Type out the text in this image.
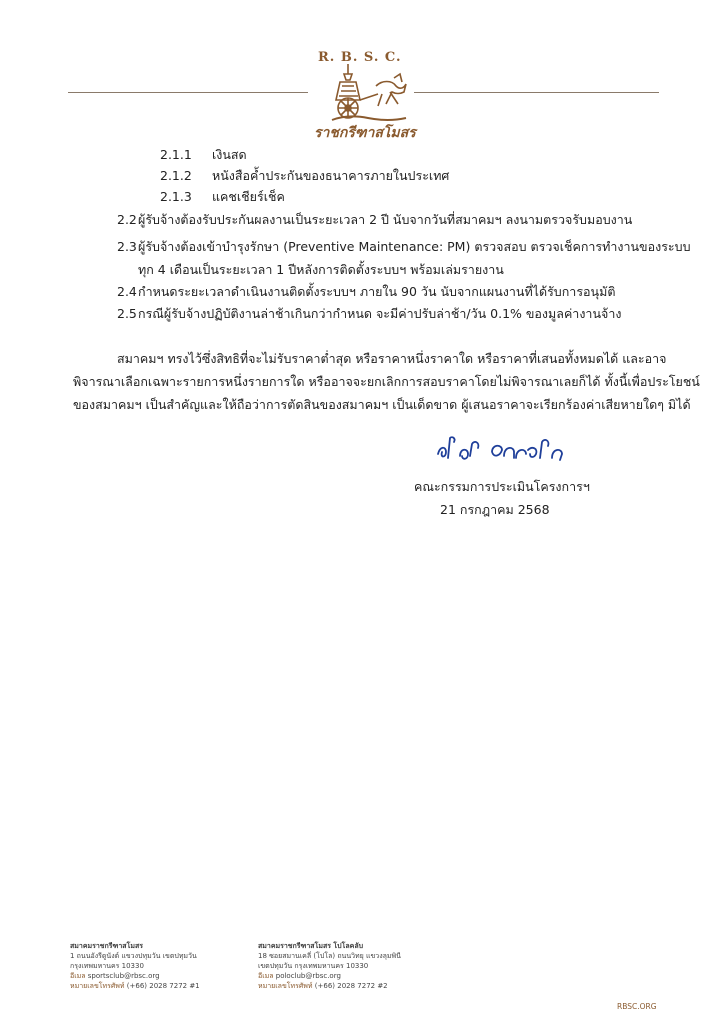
R. B. S. C.
ราชกรีฑาสโมสร
2.1.1 เงินสด
2.1.2 หนังสือค้ำประกันของธนาคารภายในประเทศ
2.1.3 แคชเชียร์เช็ค
2.2 ผู้รับจ้างต้องรับประกันผลงานเป็นระยะเวลา 2 ปี นับจากวันที่สมาคมฯ ลงนามตรวจรับมอบงาน
2.3 ผู้รับจ้างต้องเข้าบำรุงรักษา (Preventive Maintenance: PM) ตรวจสอบ ตรวจเช็คการทำงานของระบบ
ทุก 4 เดือนเป็นระยะเวลา 1 ปีหลังการติดตั้งระบบฯ พร้อมเล่มรายงาน
2.4 กำหนดระยะเวลาดำเนินงานติดตั้งระบบฯ ภายใน 90 วัน นับจากแผนงานที่ได้รับการอนุมัติ
2.5 กรณีผู้รับจ้างปฏิบัติงานล่าช้าเกินกว่ากำหนด จะมีค่าปรับล่าช้า/วัน 0.1% ของมูลค่างานจ้าง
สมาคมฯ ทรงไว้ซึ่งสิทธิที่จะไม่รับราคาต่ำสุด หรือราคาหนึ่งราคาใด หรือราคาที่เสนอทั้งหมดได้ และอาจ
พิจารณาเลือกเฉพาะรายการหนึ่งรายการใด หรืออาจจะยกเลิกการสอบราคาโดยไม่พิจารณาเลยก็ได้ ทั้งนี้เพื่อประโยชน์
ของสมาคมฯ เป็นสำคัญและให้ถือว่าการตัดสินของสมาคมฯ เป็นเด็ดขาด ผู้เสนอราคาจะเรียกร้องค่าเสียหายใดๆ มิได้
คณะกรรมการประเมินโครงการฯ
21 กรกฎาคม 2568
สมาคมราชกรีฑาสโมสร
1 ถนนอังรีดูนังต์ แขวงปทุมวัน เขตปทุมวัน
กรุงเทพมหานคร 10330
อีเมล sportsclub@rbsc.org
หมายเลขโทรศัพท์ (+66) 2028 7272 #1
สมาคมราชกรีฑาสโมสร โปโลคลับ
18 ซอยสมานเคลี่ (โปโล) ถนนวิทยุ แขวงลุมพินี
เขตปทุมวัน กรุงเทพมหานคร 10330
อีเมล poloclub@rbsc.org
หมายเลขโทรศัพท์ (+66) 2028 7272 #2
RBSC.ORG
